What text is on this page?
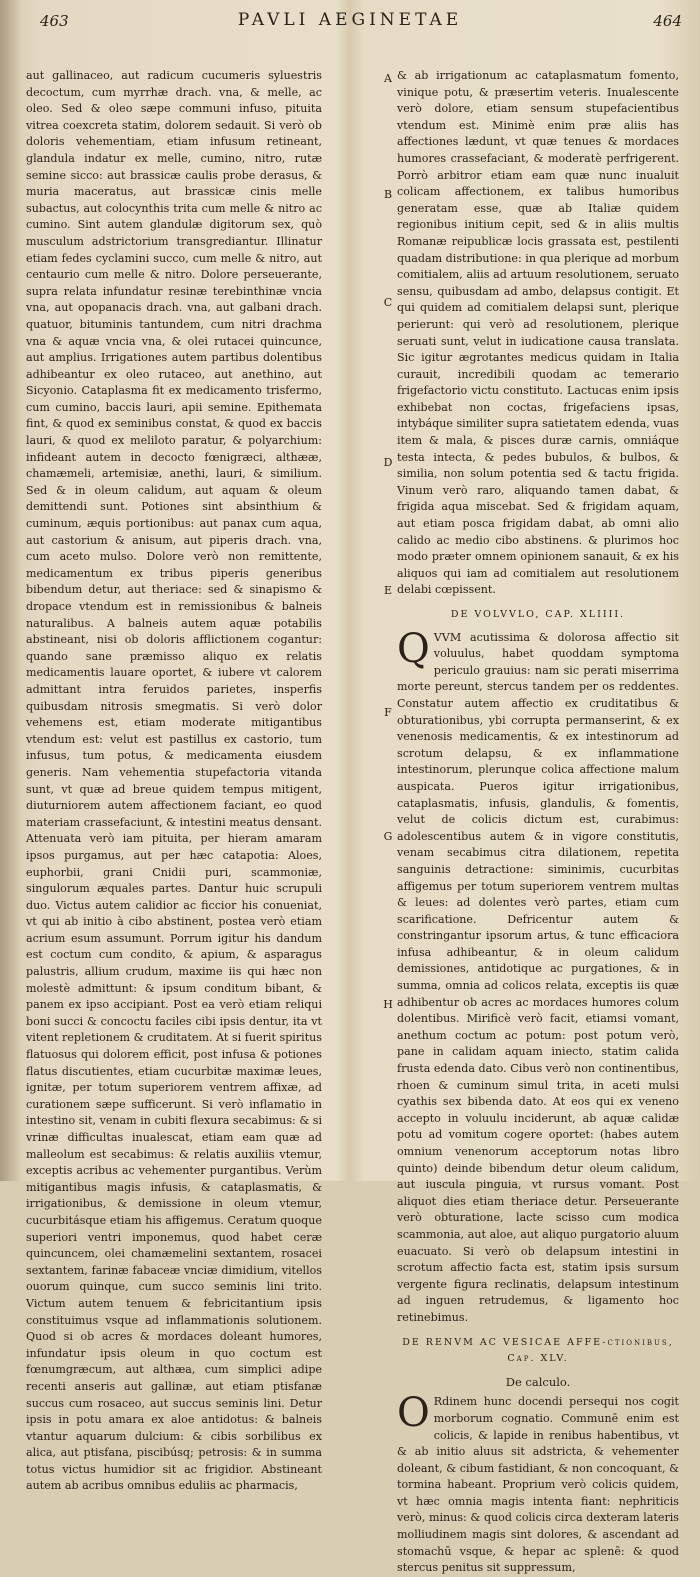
463	PAVLI AEGINETAE	464

aut gallinaceo, aut radicum cucumeris syluestris decoctum, cum myrrhæ drach. vna, & melle, ac oleo. Sed & oleo sæpe communi infuso, pituita vitrea coexcreta statim, dolorem sedauit. Si verò ob doloris vehementiam, etiam infusum retineant, glandula indatur ex melle, cumino, nitro, rutæ semine sicco: aut brassicæ caulis probe derasus, & muria maceratus, aut brassicæ cinis melle subactus, aut colocynthis trita cum melle & nitro ac cumino. Sint autem glandulæ digitorum sex, quò musculum adstrictorium transgrediantur. Illinatur etiam fedes cyclamini succo, cum melle & nitro, aut centaurio cum melle & nitro. Dolore perseuerante, supra relata infundatur resinæ terebinthinæ vncia vna, aut opopanacis drach. vna, aut galbani drach. quatuor, bituminis tantundem, cum nitri drachma vna & aquæ vncia vna, & olei rutacei quincunce, aut amplius. Irrigationes autem partibus dolentibus adhibeantur ex oleo rutaceo, aut anethino, aut Sicyonio. Cataplasma fit ex medicamento trisfermo, cum cumino, baccis lauri, apii semine. Epithemata fint, & quod ex seminibus constat, & quod ex baccis lauri, & quod ex meliloto paratur, & polyarchium: infideant autem in decocto fœnigræci, althææ, chamæmeli, artemisiæ, anethi, lauri, & similium. Sed & in oleum calidum, aut aquam & oleum demittendi sunt. Potiones sint absinthium & cuminum, æquis portionibus: aut panax cum aqua, aut castorium & anisum, aut piperis drach. vna, cum aceto mulso. Dolore verò non remittente, medicamentum ex tribus piperis generibus bibendum detur, aut theriace: sed & sinapismo & dropace vtendum est in remissionibus & balneis naturalibus. A balneis autem aquæ potabilis abstineant, nisi ob doloris afflictionem cogantur: quando sane præmisso aliquo ex relatis medicamentis lauare oportet, & iubere vt calorem admittant intra feruidos parietes, insperfis quibusdam nitrosis smegmatis. Si verò dolor vehemens est, etiam moderate mitigantibus vtendum est: velut est pastillus ex castorio, tum infusus, tum potus, & medicamenta eiusdem generis. Nam vehementia stupefactoria vitanda sunt, vt quæ ad breue quidem tempus mitigent, diuturniorem autem affectionem faciant, eo quod materiam crassefaciunt, & intestini meatus densant. Attenuata verò iam pituita, per hieram amaram ipsos purgamus, aut per hæc catapotia: Aloes, euphorbii, grani Cnidii puri, scammoniæ, singulorum æquales partes. Dantur huic scrupuli duo. Victus autem calidior ac ficcior his conueniat, vt qui ab initio à cibo abstinent, postea verò etiam acrium esum assumunt. Porrum igitur his dandum est coctum cum condito, & apium, & asparagus palustris, allium crudum, maxime iis qui hæc non molestè admittunt: & ipsum conditum bibant, & panem ex ipso accipiant. Post ea verò etiam reliqui boni succi & concoctu faciles cibi ipsis dentur, ita vt vitent repletionem & cruditatem. At si fuerit spiritus flatuosus qui dolorem efficit, post infusa & potiones flatus discutientes, etiam cucurbitæ maximæ leues, ignitæ, per totum superiorem ventrem affixæ, ad curationem sæpe sufficerunt. Si verò inflamatio in intestino sit, venam in cubiti flexura secabimus: & si vrinæ difficultas inualescat, etiam eam quæ ad malleolum est secabimus: & relatis auxiliis vtemur, exceptis acribus ac vehementer purgantibus. Verùm mitigantibus magis infusis, & cataplasmatis, & irrigationibus, & demissione in oleum vtemur, cucurbitásque etiam his affigemus. Ceratum quoque superiori ventri imponemus, quod habet ceræ quincuncem, olei chamæmelini sextantem, rosacei sextantem, farinæ fabaceæ vnciæ dimidium, vitellos ouorum quinque, cum succo seminis lini trito. Victum autem tenuem & febricitantium ipsis constituimus vsque ad inflammationis solutionem. Quod si ob acres & mordaces doleant humores, infundatur ipsis oleum in quo coctum est fœnumgræcum, aut althæa, cum simplici adipe recenti anseris aut gallinæ, aut etiam ptisfanæ succus cum rosaceo, aut succus seminis lini. Detur ipsis in potu amara ex aloe antidotus: & balneis vtantur aquarum dulcium: & cibis sorbilibus ex alica, aut ptisfana, piscibúsq; petrosis: & in summa totus victus humidior sit ac frigidior. Abstineant autem ab acribus omnibus eduliis ac pharmacis,

A
B
C
D
E
F
G
H

& ab irrigationum ac cataplasmatum fomento, vinique potu, & præsertim veteris. Inualescente verò dolore, etiam sensum stupefacientibus vtendum est. Minimè enim præ aliis has affectiones lædunt, vt quæ tenues & mordaces humores crassefaciant, & moderatè perfrigerent. Porrò arbitror etiam eam quæ nunc inualuit colicam affectionem, ex talibus humoribus generatam esse, quæ ab Italiæ quidem regionibus initium cepit, sed & in aliis multis Romanæ reipublicæ locis grassata est, pestilenti quadam distributione: in qua plerique ad morbum comitialem, aliis ad artuum resolutionem, seruato sensu, quibusdam ad ambo, delapsus contigit. Et qui quidem ad comitialem delapsi sunt, plerique perierunt: qui verò ad resolutionem, plerique seruati sunt, velut in iudicatione causa translata. Sic igitur ægrotantes medicus quidam in Italia curauit, incredibili quodam ac temerario frigefactorio victu constituto. Lactucas enim ipsis exhibebat non coctas, frigefaciens ipsas, intybáque similiter supra satietatem edenda, vuas item & mala, & pisces duræ carnis, omniáque testa intecta, & pedes bubulos, & bulbos, & similia, non solum potentia sed & tactu frigida. Vinum verò raro, aliquando tamen dabat, & frigida aqua miscebat. Sed & frigidam aquam, aut etiam posca frigidam dabat, ab omni alio calido ac medio cibo abstinens. & plurimos hoc modo præter omnem opinionem sanauit, & ex his aliquos qui iam ad comitialem aut resolutionem delabi cœpissent.

DE VOLVVLO, CAP. XLIIII.

QVVM acutissima & dolorosa affectio sit voluulus, habet quoddam symptoma periculo grauius: nam sic perati miserrima morte pereunt, stercus tandem per os reddentes. Constatur autem affectio ex cruditatibus & obturationibus, ybi corrupta permanserint, & ex venenosis medicamentis, & ex intestinorum ad scrotum delapsu, & ex inflammatione intestinorum, plerunque colica affectione malum auspicata. Pueros igitur irrigationibus, cataplasmatis, infusis, glandulis, & fomentis, velut de colicis dictum est, curabimus: adolescentibus autem & in vigore constitutis, venam secabimus citra dilationem, repetita sanguinis detractione: siminimis, cucurbitas affigemus per totum superiorem ventrem multas & leues: ad dolentes verò partes, etiam cum scarificatione. Defricentur autem & constringantur ipsorum artus, & tunc efficaciora infusa adhibeantur, & in oleum calidum demissiones, antidotique ac purgationes, & in summa, omnia ad colicos relata, exceptis iis quæ adhibentur ob acres ac mordaces humores colum dolentibus. Mirificè verò facit, etiamsi vomant, anethum coctum ac potum: post potum verò, pane in calidam aquam iniecto, statim calida frusta edenda dato. Cibus verò non continentibus, rhoen & cuminum simul trita, in aceti mulsi cyathis sex bibenda dato. At eos qui ex veneno accepto in voluulu inciderunt, ab aquæ calidæ potu ad vomitum cogere oportet: (habes autem omnium venenorum acceptorum notas libro quinto) deinde bibendum detur oleum calidum, aut iuscula pinguia, vt rursus vomant. Post aliquot dies etiam theriace detur. Perseuerante verò obturatione, lacte scisso cum modica scammonia, aut aloe, aut aliquo purgatorio aluum euacuato. Si verò ob delapsum intestini in scrotum affectio facta est, statim ipsis sursum vergente figura reclinatis, delapsum intestinum ad inguen retrudemus, & ligamento hoc retinebimus.

DE RENVM AC VESICAE AFFE-ctionibus, Cap. XLV.
De calculo.

O Rdinem hunc docendi persequi nos cogit morborum cognatio. Communē enim est colicis, & lapide in renibus habentibus, vt & ab initio aluus sit adstricta, & vehementer doleant, & cibum fastidiant, & non concoquant, & tormina habeant. Proprium verò colicis quidem, vt hæc omnia magis intenta fiant: nephriticis verò, minus: & quod colicis circa dexteram lateris molliudinem magis sint dolores, & ascendant ad stomachū vsque, & hepar ac splenē: & quod stercus penitus sit suppressum,
